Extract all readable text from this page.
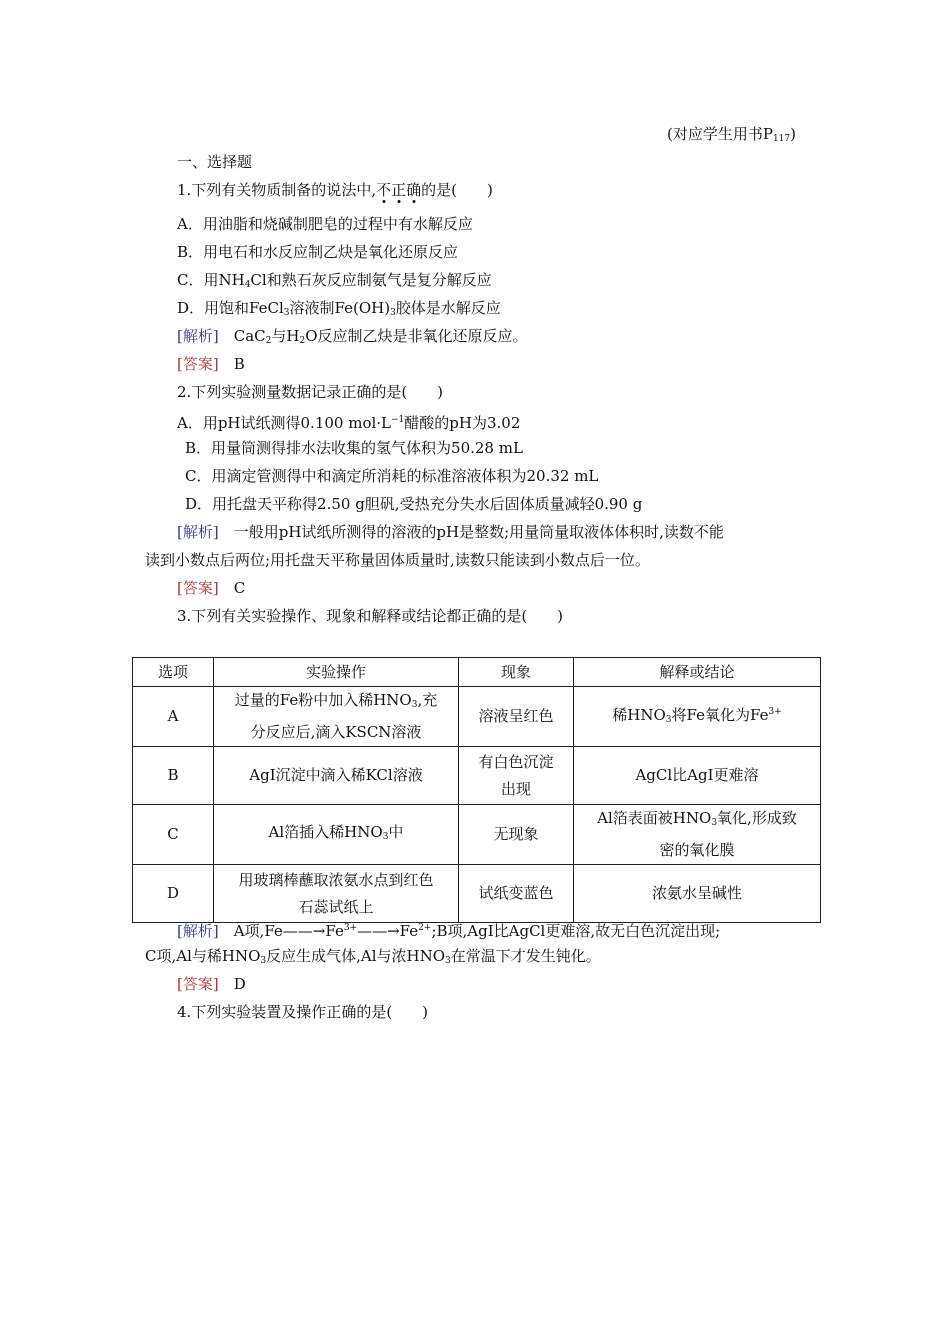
(对应学生用书$P_{117}$)
一、选择题
1.下列有关物质制备的说法中,不正确的是(　　)
A．用油脂和烧碱制肥皂的过程中有水解反应
B．用电石和水反应制乙炔是氧化还原反应
C．用$NH_4Cl$和熟石灰反应制氨气是复分解反应
D．用饱和FeCl$_3$溶液制$Fe(OH)_3$胶体是水解反应
[解析]　CaC$_2$与$H_2O$反应制乙炔是非氧化还原反应。
[答案]　B
2.下列实验测量数据记录正确的是(　　)
A．用pH试纸测得0.100 $mol\cdot L^{-1}$醋酸的pH为3.02
B．用量筒测得排水法收集的氢气体积为50.28 mL
C．用滴定管测得中和滴定所消耗的标准溶液体积为20.32 mL
D．用托盘天平称得2.50 g胆矾,受热充分失水后固体质量减轻0.90 g
[解析]　一般用pH试纸所测得的溶液的pH是整数;用量筒量取液体体积时,读数不能
读到小数点后两位;用托盘天平称量固体质量时,读数只能读到小数点后一位。
[答案]　C
3.下列有关实验操作、现象和解释或结论都正确的是(　　)
选项	实验操作	现象	解释或结论
A	过量的Fe粉中加入稀$HNO_3$,充
分反应后,滴入KSCN溶液	溶液呈红色	稀$HNO_3$将Fe氧化为$Fe^{3+}$
B	AgI沉淀中滴入稀KCl溶液	有白色沉淀
出现	AgCl比AgI更难溶
C	Al箔插入稀$HNO_3$中	无现象	Al箔表面被$HNO_3$氧化,形成致
密的氧化膜
D	用玻璃棒蘸取浓氨水点到红色
石蕊试纸上	试纸变蓝色	浓氨水呈碱性
[解析]　A项$,Fe——\to Fe^{3+}——\to Fe^{2+};B$项,AgI比AgCl更难溶,故无白色沉淀出现;
C项,Al与稀$HNO_3$反应生成气体,Al与浓$HNO_3$在常温下才发生钝化。
[答案]　D
4.下列实验装置及操作正确的是(　　)
